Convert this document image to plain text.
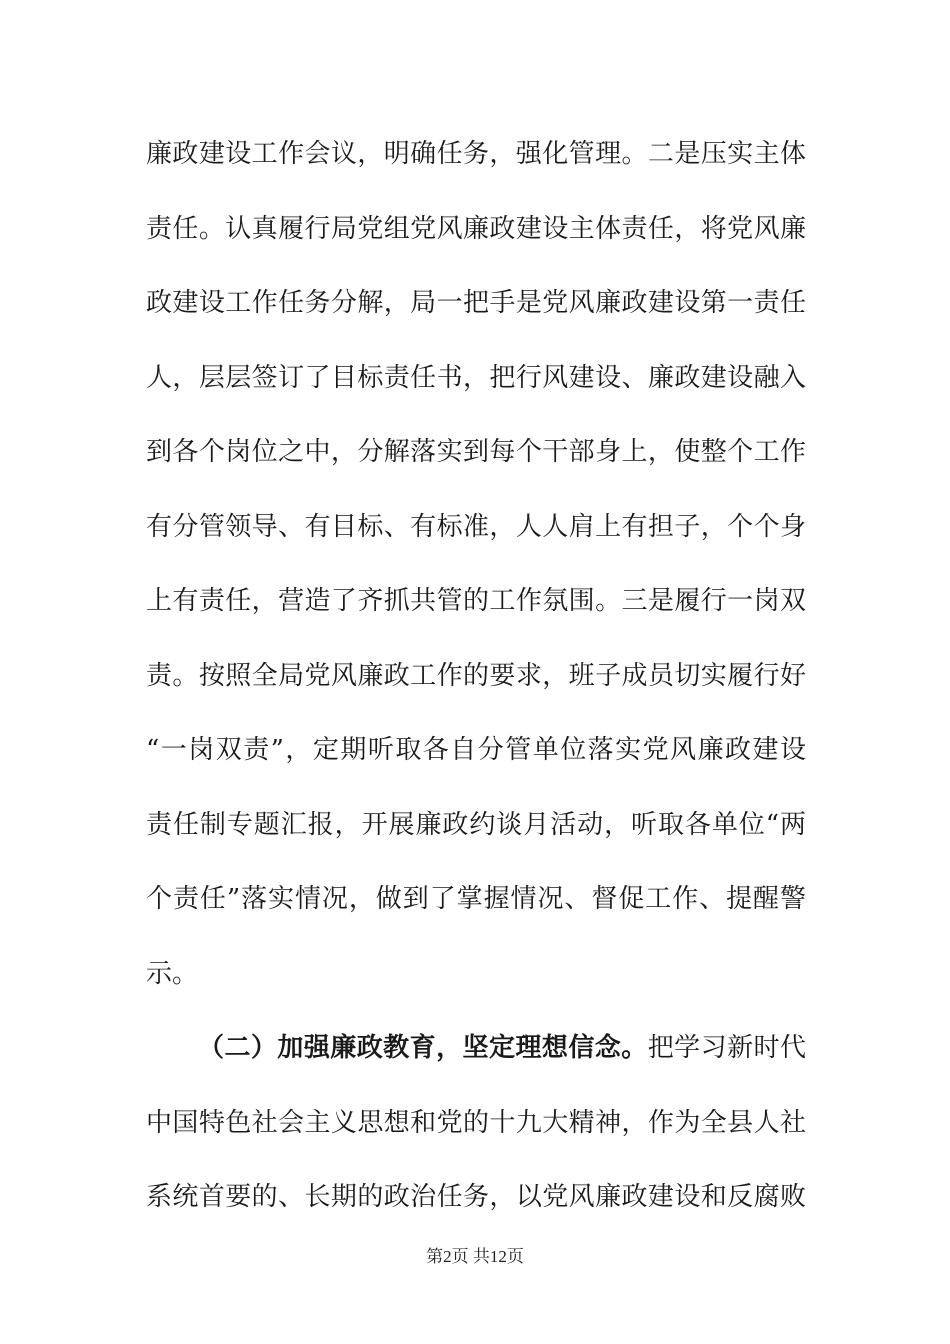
廉政建设工作会议，明确任务，强化管理。二是压实主体
责任。认真履行局党组党风廉政建设主体责任，将党风廉
政建设工作任务分解，局一把手是党风廉政建设第一责任
人，层层签订了目标责任书，把行风建设、廉政建设融入
到各个岗位之中，分解落实到每个干部身上，使整个工作
有分管领导、有目标、有标准，人人肩上有担子，个个身
上有责任，营造了齐抓共管的工作氛围。三是履行一岗双
责。按照全局党风廉政工作的要求，班子成员切实履行好
“一岗双责”，定期听取各自分管单位落实党风廉政建设
责任制专题汇报，开展廉政约谈月活动，听取各单位“两
个责任”落实情况，做到了掌握情况、督促工作、提醒警
示。
（二）加强廉政教育，坚定理想信念。把学习新时代
中国特色社会主义思想和党的十九大精神，作为全县人社
系统首要的、长期的政治任务，以党风廉政建设和反腐败
第2页 共12页
